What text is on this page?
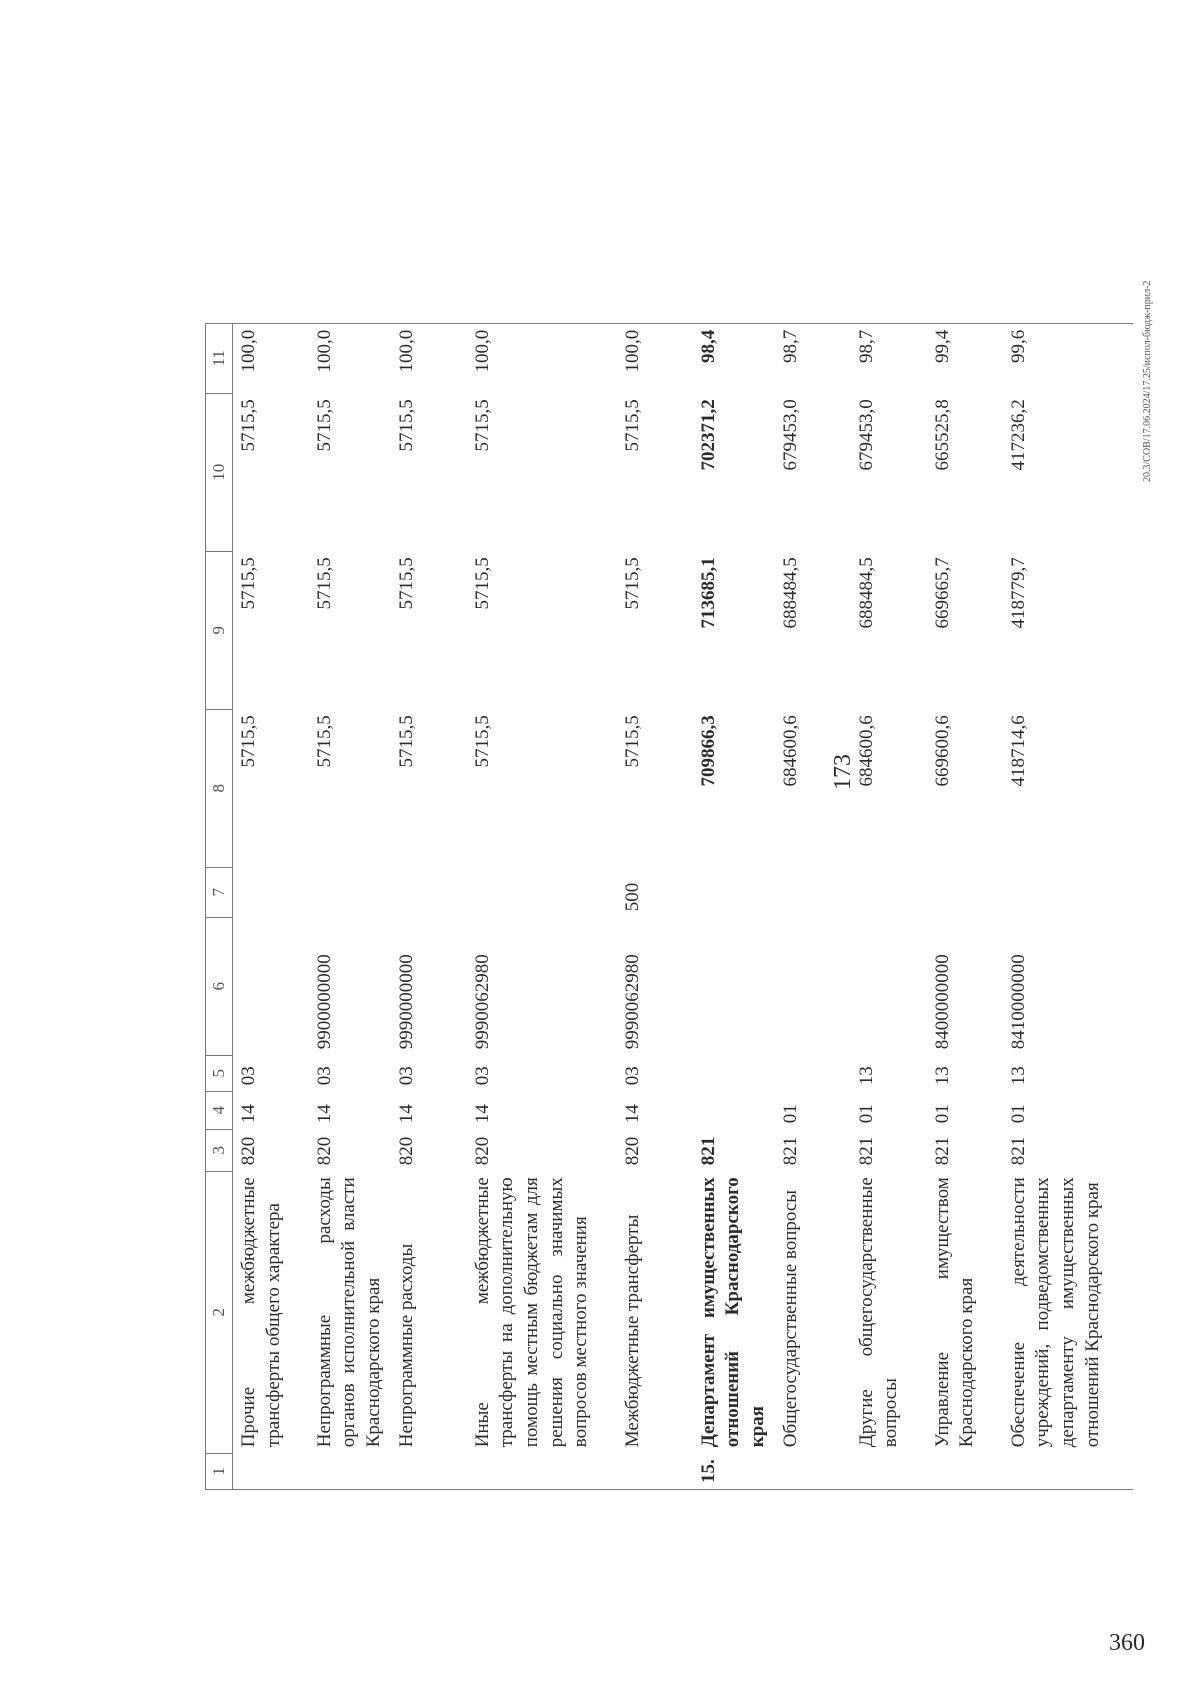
173
1	2	3	4	5	6	7	8	9	10	11
	Прочие межбюджетные трансферты общего характера	820	14	03			5715,5	5715,5	5715,5	100,0
	Непрограммные расходы органов исполнительной власти Краснодарского края	820	14	03	9900000000		5715,5	5715,5	5715,5	100,0
	Непрограммные расходы	820	14	03	9990000000		5715,5	5715,5	5715,5	100,0
	Иные межбюджетные трансферты на дополнительную помощь местным бюджетам для решения социально значимых вопросов местного значения	820	14	03	9990062980		5715,5	5715,5	5715,5	100,0
	Межбюджетные трансферты	820	14	03	9990062980	500	5715,5	5715,5	5715,5	100,0
15.	Департамент имущественных отношений Краснодарского края	821					709866,3	713685,1	702371,2	98,4
	Общегосударственные вопросы	821	01				684600,6	688484,5	679453,0	98,7
	Другие общегосударственные вопросы	821	01	13			684600,6	688484,5	679453,0	98,7
	Управление имуществом Краснодарского края	821	01	13	8400000000		669600,6	669665,7	665525,8	99,4
	Обеспечение деятельности учреждений, подведомственных департаменту имущественных отношений Краснодарского края	821	01	13	8410000000		418714,6	418779,7	417236,2	99,6	20.3/СОВ/17.06.2024/17.25/испол-бюдж-прил-2
360
